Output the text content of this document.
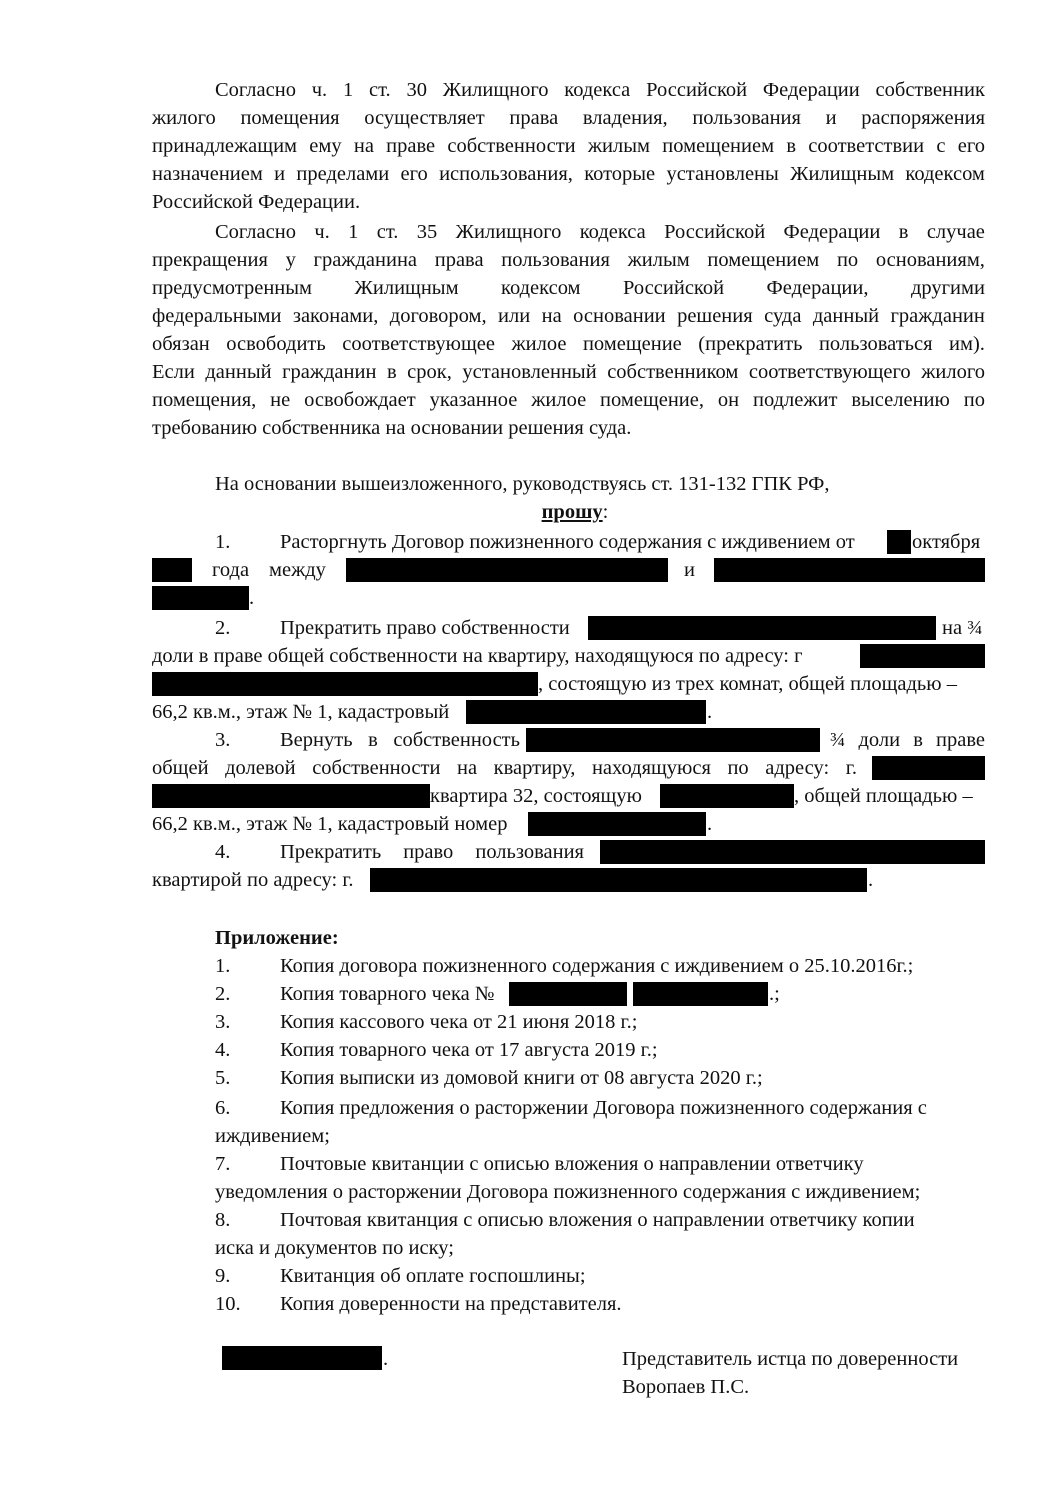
Согласно ч. 1 ст. 30 Жилищного кодекса Российской Федерации собственник
жилого помещения осуществляет права владения, пользования и распоряжения
принадлежащим ему на праве собственности жилым помещением в соответствии с его
назначением и пределами его использования, которые установлены Жилищным кодексом
Российской Федерации.
Согласно ч. 1 ст. 35 Жилищного кодекса Российской Федерации в случае
прекращения у гражданина права пользования жилым помещением по основаниям,
предусмотренным Жилищным кодексом Российской Федерации, другими
федеральными законами, договором, или на основании решения суда данный гражданин
обязан освободить соответствующее жилое помещение (прекратить пользоваться им).
Если данный гражданин в срок, установленный собственником соответствующего жилого
помещения, не освобождает указанное жилое помещение, он подлежит выселению по
требованию собственника на основании решения суда.
На основании вышеизложенного, руководствуясь ст. 131-132 ГПК РФ,
прошу:
1. Расторгнуть Договор пожизненного содержания с иждивением от	октября
года между	и
.
2. Прекратить право собственности	на ¾
доли в праве общей собственности на квартиру, находящуюся по адресу: г
, состоящую из трех комнат, общей площадью –
66,2 кв.м., этаж № 1, кадастровый	.
3. Вернуть в собственность	¾ доли в праве
общей долевой собственности на квартиру, находящуюся по адресу: г.
квартира 32, состоящую	, общей площадью –
66,2 кв.м., этаж № 1, кадастровый номер	.
4. Прекратить право пользования
квартирой по адресу: г.	.
Приложение:
1. Копия договора пожизненного содержания с иждивением о 25.10.2016г.;
2. Копия товарного чека №	.;
3. Копия кассового чека от 21 июня 2018 г.;
4. Копия товарного чека от 17 августа 2019 г.;
5. Копия выписки из домовой книги от 08 августа 2020 г.;
6. Копия предложения о расторжении Договора пожизненного содержания с
иждивением;
7. Почтовые квитанции с описью вложения о направлении ответчику
уведомления о расторжении Договора пожизненного содержания с иждивением;
8. Почтовая квитанция с описью вложения о направлении ответчику копии
иска и документов по иску;
9. Квитанция об оплате госпошлины;
10. Копия доверенности на представителя.
.	Представитель истца по доверенности
Воропаев П.С.
